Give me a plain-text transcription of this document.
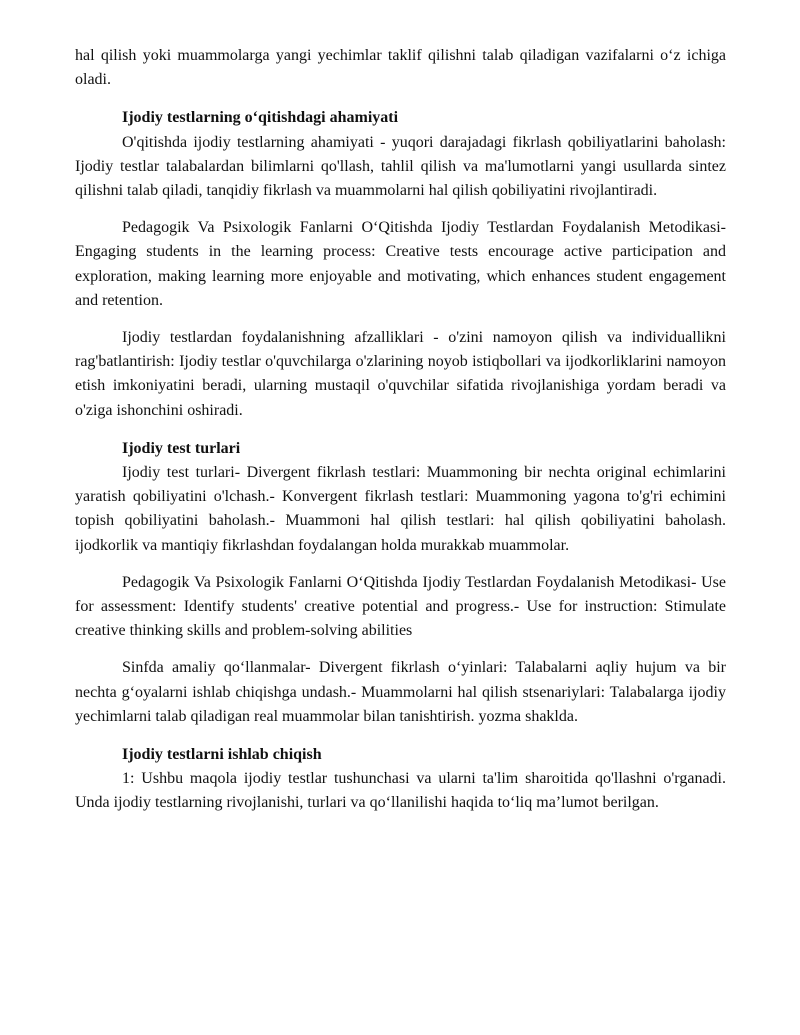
hal qilish yoki muammolarga yangi yechimlar taklif qilishni talab qiladigan vazifalarni oʻz ichiga oladi.

Ijodiy testlarning oʻqitishdagi ahamiyati

O'qitishda ijodiy testlarning ahamiyati - yuqori darajadagi fikrlash qobiliyatlarini baholash: Ijodiy testlar talabalardan bilimlarni qo'llash, tahlil qilish va ma'lumotlarni yangi usullarda sintez qilishni talab qiladi, tanqidiy fikrlash va muammolarni hal qilish qobiliyatini rivojlantiradi.

Pedagogik Va Psixologik Fanlarni OʻQitishda Ijodiy Testlardan Foydalanish Metodikasi- Engaging students in the learning process: Creative tests encourage active participation and exploration, making learning more enjoyable and motivating, which enhances student engagement and retention.

Ijodiy testlardan foydalanishning afzalliklari - o'zini namoyon qilish va individuallikni rag'batlantirish: Ijodiy testlar o'quvchilarga o'zlarining noyob istiqbollari va ijodkorliklarini namoyon etish imkoniyatini beradi, ularning mustaqil o'quvchilar sifatida rivojlanishiga yordam beradi va o'ziga ishonchini oshiradi.

Ijodiy test turlari

Ijodiy test turlari- Divergent fikrlash testlari: Muammoning bir nechta original echimlarini yaratish qobiliyatini o'lchash.- Konvergent fikrlash testlari: Muammoning yagona to'g'ri echimini topish qobiliyatini baholash.- Muammoni hal qilish testlari: hal qilish qobiliyatini baholash. ijodkorlik va mantiqiy fikrlashdan foydalangan holda murakkab muammolar.

Pedagogik Va Psixologik Fanlarni OʻQitishda Ijodiy Testlardan Foydalanish Metodikasi- Use for assessment: Identify students' creative potential and progress.- Use for instruction: Stimulate creative thinking skills and problem-solving abilities

Sinfda amaliy qoʻllanmalar- Divergent fikrlash oʻyinlari: Talabalarni aqliy hujum va bir nechta gʻoyalarni ishlab chiqishga undash.- Muammolarni hal qilish stsenariylari: Talabalarga ijodiy yechimlarni talab qiladigan real muammolar bilan tanishtirish. yozma shaklda.

Ijodiy testlarni ishlab chiqish

1: Ushbu maqola ijodiy testlar tushunchasi va ularni ta'lim sharoitida qo'llashni o'rganadi. Unda ijodiy testlarning rivojlanishi, turlari va qoʻllanilishi haqida toʻliq maʼlumot berilgan.
